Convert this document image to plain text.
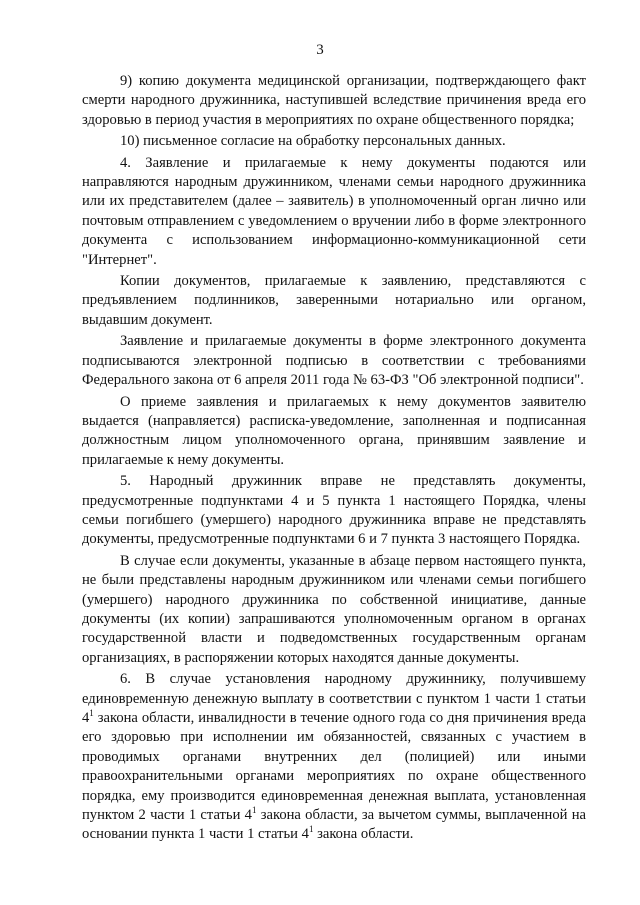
3

9) копию документа медицинской организации, подтверждающего факт смерти народного дружинника, наступившей вследствие причинения вреда его здоровью в период участия в мероприятиях по охране общественного порядка;

10) письменное согласие на обработку персональных данных.

4. Заявление и прилагаемые к нему документы подаются или направляются народным дружинником, членами семьи народного дружинника или их представителем (далее – заявитель) в уполномоченный орган лично или почтовым отправлением с уведомлением о вручении либо в форме электронного документа с использованием информационно-коммуникационной сети "Интернет".

Копии документов, прилагаемые к заявлению, представляются с предъявлением подлинников, заверенными нотариально или органом, выдавшим документ.

Заявление и прилагаемые документы в форме электронного документа подписываются электронной подписью в соответствии с требованиями Федерального закона от 6 апреля 2011 года № 63-ФЗ "Об электронной подписи".

О приеме заявления и прилагаемых к нему документов заявителю выдается (направляется) расписка-уведомление, заполненная и подписанная должностным лицом уполномоченного органа, принявшим заявление и прилагаемые к нему документы.

5. Народный дружинник вправе не представлять документы, предусмотренные подпунктами 4 и 5 пункта 1 настоящего Порядка, члены семьи погибшего (умершего) народного дружинника вправе не представлять документы, предусмотренные подпунктами 6 и 7 пункта 3 настоящего Порядка.

В случае если документы, указанные в абзаце первом настоящего пункта, не были представлены народным дружинником или членами семьи погибшего (умершего) народного дружинника по собственной инициативе, данные документы (их копии) запрашиваются уполномоченным органом в органах государственной власти и подведомственных государственным органам организациях, в распоряжении которых находятся данные документы.

6. В случае установления народному дружиннику, получившему единовременную денежную выплату в соответствии с пунктом 1 части 1 статьи $4^1$ закона области, инвалидности в течение одного года со дня причинения вреда его здоровью при исполнении им обязанностей, связанных с участием в проводимых органами внутренних дел (полицией) или иными правоохранительными органами мероприятиях по охране общественного порядка, ему производится единовременная денежная выплата, установленная пунктом 2 части 1 статьи $4^1$ закона области, за вычетом суммы, выплаченной на основании пункта 1 части 1 статьи $4^1$ закона области.
